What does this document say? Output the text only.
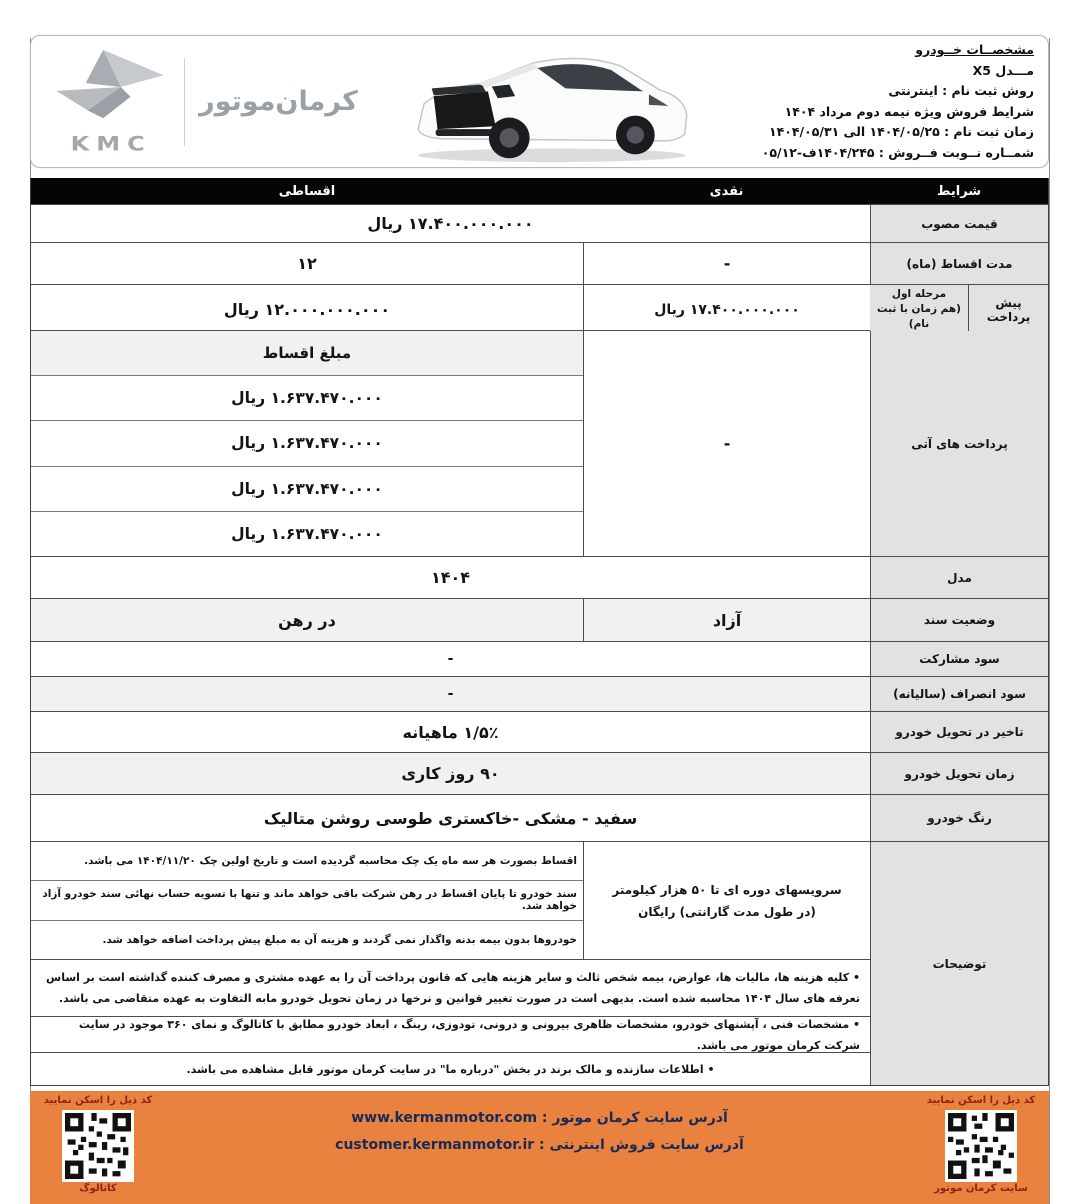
مشخصــات خــودرو
مـــدل X5
روش ثبت نام : اینترنتی
شرایط فروش ویژه نیمه دوم مرداد ۱۴۰۴
زمان ثبت نام : ۱۴۰۴/۰۵/۲۵ الی ۱۴۰۴/۰۵/۳۱
شمــاره نــوبت فــروش : ۱۴۰۴/۲۴۵ف-۰۵/۱۲
KMC
کرمان‌موتور
شرایط
نقدی
اقساطی
قیمت مصوب
۱۷.۴۰۰.۰۰۰.۰۰۰ ریال
مدت اقساط (ماه)
-
۱۲
پیش پرداخت
مرحله اول
(هم زمان با ثبت نام)
۱۷.۴۰۰.۰۰۰.۰۰۰ ریال
۱۲.۰۰۰.۰۰۰.۰۰۰ ریال
پرداخت های آتی
-
مبلغ اقساط
۱.۶۳۷.۴۷۰.۰۰۰ ریال
۱.۶۳۷.۴۷۰.۰۰۰ ریال
۱.۶۳۷.۴۷۰.۰۰۰ ریال
۱.۶۳۷.۴۷۰.۰۰۰ ریال
مدل
۱۴۰۴
وضعیت سند
آزاد
در رهن
سود مشارکت
-
سود انصراف (سالیانه)
-
تاخیر در تحویل خودرو
۱/۵٪ ماهیانه
زمان تحویل خودرو
۹۰ روز کاری
رنگ خودرو
سفید - مشکی -خاکستری طوسی روشن متالیک
توضیحات
سرویسهای دوره ای تا ۵۰ هزار کیلومتر
(در طول مدت گارانتی) رایگان
اقساط بصورت هر سه ماه یک چک محاسبه گردیده است و تاریخ اولین چک ۱۴۰۴/۱۱/۲۰ می باشد.
سند خودرو تا پایان اقساط در رهن شرکت باقی خواهد ماند و تنها با تسویه حساب نهائی سند خودرو آزاد خواهد شد.
خودروها بدون بیمه بدنه واگذار نمی گردند و هزینه آن به مبلغ پیش پرداخت اضافه خواهد شد.
• کلیه هزینه ها، مالیات ها، عوارض، بیمه شخص ثالث و سایر هزینه هایی که قانون پرداخت آن را به عهده مشتری و مصرف کننده گذاشته است بر اساس تعرفه های سال ۱۴۰۴ محاسبه شده است. بدیهی است در صورت تغییر قوانین و نرخها در زمان تحویل خودرو مابه التفاوت به عهده متقاضی می باشد.
• مشخصات فنی ، آپشنهای خودرو، مشخصات ظاهری بیرونی و درونی، تودوزی، رینگ ، ابعاد خودرو مطابق با کاتالوگ و نمای ۳۶۰ موجود در سایت شرکت کرمان موتور می باشد.
• اطلاعات سازنده و مالک برند در بخش "درباره ما" در سایت کرمان موتور قابل مشاهده می باشد.
کد ذیل را اسکن نمایید
سایت کرمان موتور
کد ذیل را اسکن نمایید
کاتالوگ
آدرس سایت کرمان موتور : www.kermanmotor.com
آدرس سایت فروش اینترنتی : customer.kermanmotor.ir
